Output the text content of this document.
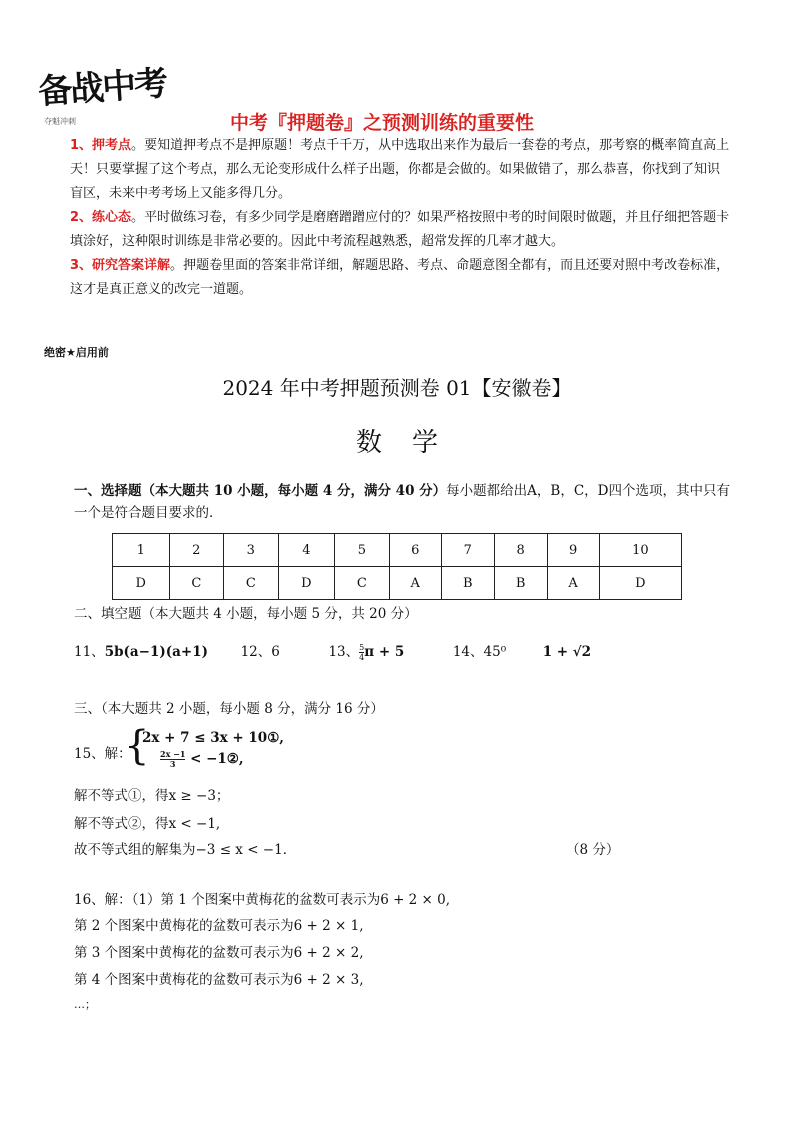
备战中考
夺魁冲刺	中考『押题卷』之预测训练的重要性

1、押考点。要知道押考点不是押原题！考点千千万，从中选取出来作为最后一套卷的考点，那考察的概率简直高上天！只要掌握了这个考点，那么无论变形成什么样子出题，你都是会做的。如果做错了，那么恭喜，你找到了知识盲区，未来中考考场上又能多得几分。

2、练心态。平时做练习卷，有多少同学是磨磨蹭蹭应付的？如果严格按照中考的时间限时做题，并且仔细把答题卡填涂好，这种限时训练是非常必要的。因此中考流程越熟悉，超常发挥的几率才越大。

3、研究答案详解。押题卷里面的答案非常详细，解题思路、考点、命题意图全都有，而且还要对照中考改卷标准，这才是真正意义的改完一道题。

绝密★启用前
2024 年中考押题预测卷 01【安徽卷】
数学
一、选择题（本大题共 10 小题，每小题 4 分，满分 40 分）每小题都给出A，B，C，D四个选项，其中只有一个是符合题目要求的．
1	2	3	4	5	6	7	8	9	10
D	C	C	D	C	A	B	B	A	D
二、填空题（本大题共 4 小题，每小题 5 分，共 20 分）
11、5b(a−1)(a+1) 12、6	13、 $\frac{5}{4}$ π + 5	14、45⁰	1 + √2
三、（本大题共 2 小题，每小题 8 分，满分 16 分）
15、解：
{
2x + 7 ≤ 3x + 10①,
$\frac{2x -1}{3}$ < −1②,
解不等式①，得x ≥ −3；
解不等式②，得x < −1,
故不等式组的解集为−3 ≤ x < −1．	（8 分）
16、解：（1）第 1 个图案中黄梅花的盆数可表示为6 + 2 × 0,
第 2 个图案中黄梅花的盆数可表示为6 + 2 × 1,
第 3 个图案中黄梅花的盆数可表示为6 + 2 × 2,
第 4 个图案中黄梅花的盆数可表示为6 + 2 × 3,
…；
